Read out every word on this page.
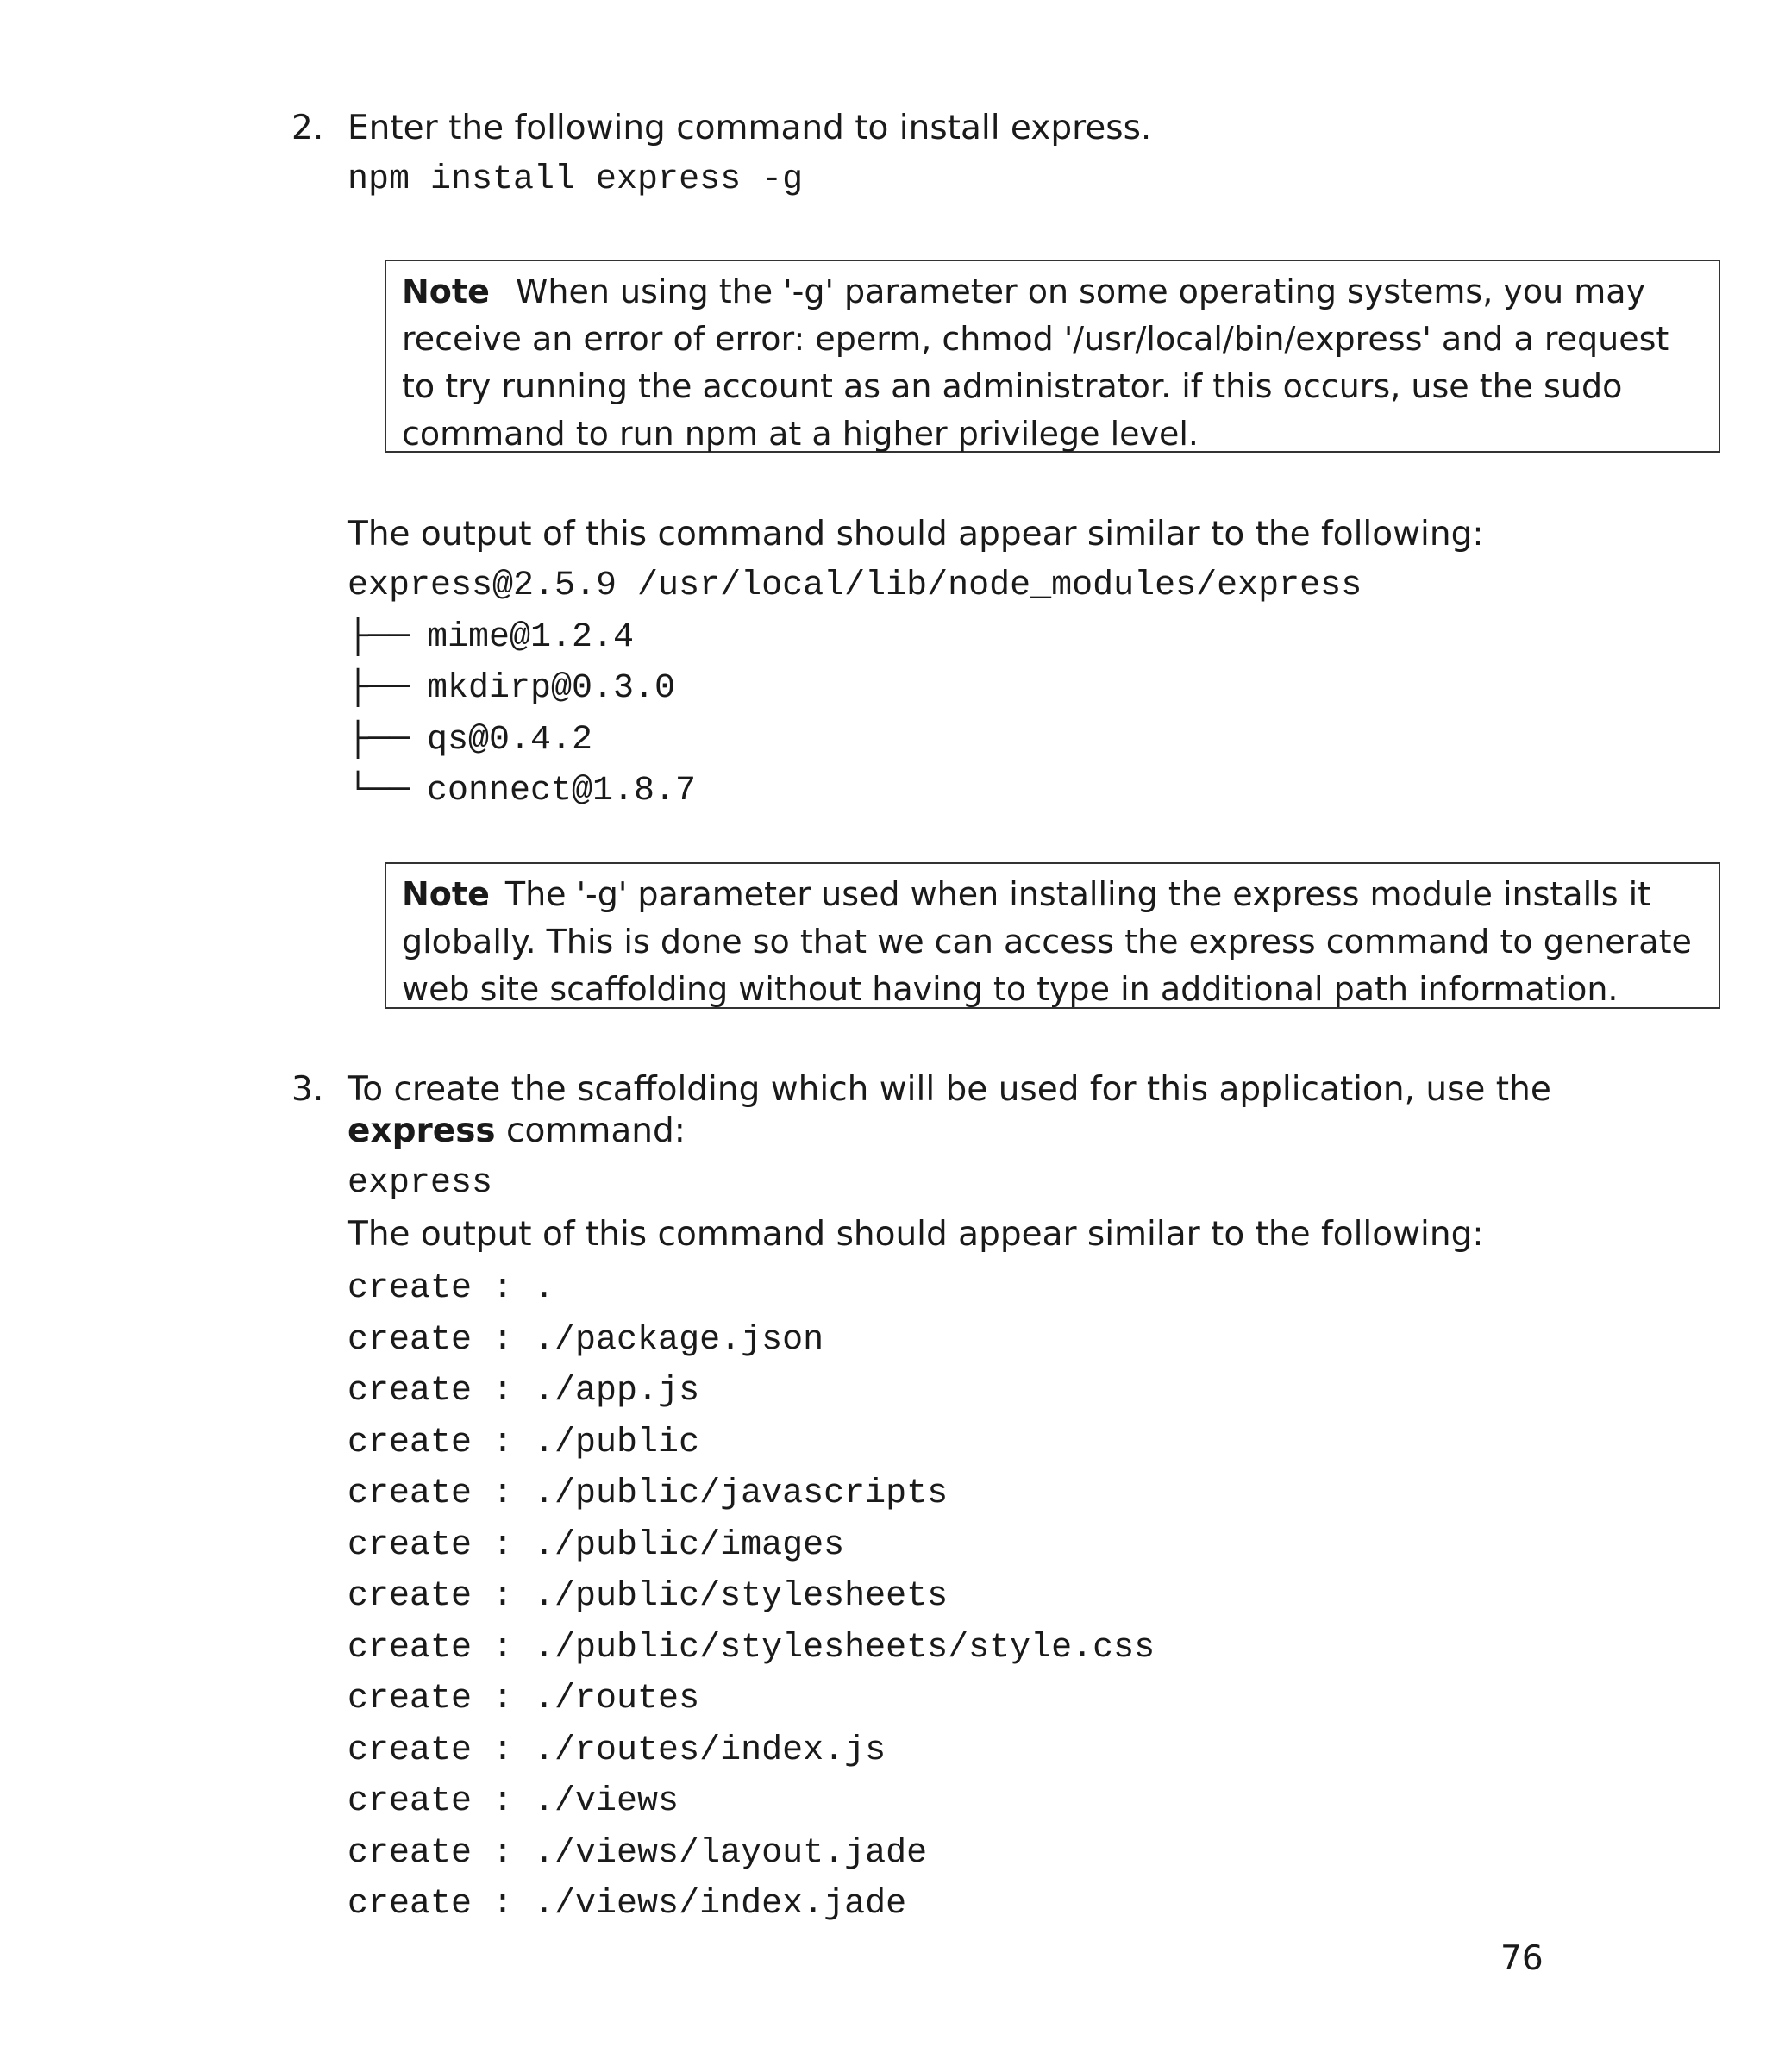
2. Enter the following command to install express.
npm install express -g
Note When using the '-g' parameter on some operating systems, you may receive an error of error: eperm, chmod '/usr/local/bin/express' and a request to try running the account as an administrator. if this occurs, use the sudo command to run npm at a higher privilege level.
The output of this command should appear similar to the following:
express@2.5.9 /usr/local/lib/node_modules/express
├── mime@1.2.4
├── mkdirp@0.3.0
├── qs@0.4.2
└── connect@1.8.7
Note The '-g' parameter used when installing the express module installs it globally. This is done so that we can access the express command to generate web site scaffolding without having to type in additional path information.
3. To create the scaffolding which will be used for this application, use the express command:
express
The output of this command should appear similar to the following:
create : .
create : ./package.json
create : ./app.js
create : ./public
create : ./public/javascripts
create : ./public/images
create : ./public/stylesheets
create : ./public/stylesheets/style.css
create : ./routes
create : ./routes/index.js
create : ./views
create : ./views/layout.jade
create : ./views/index.jade
76
